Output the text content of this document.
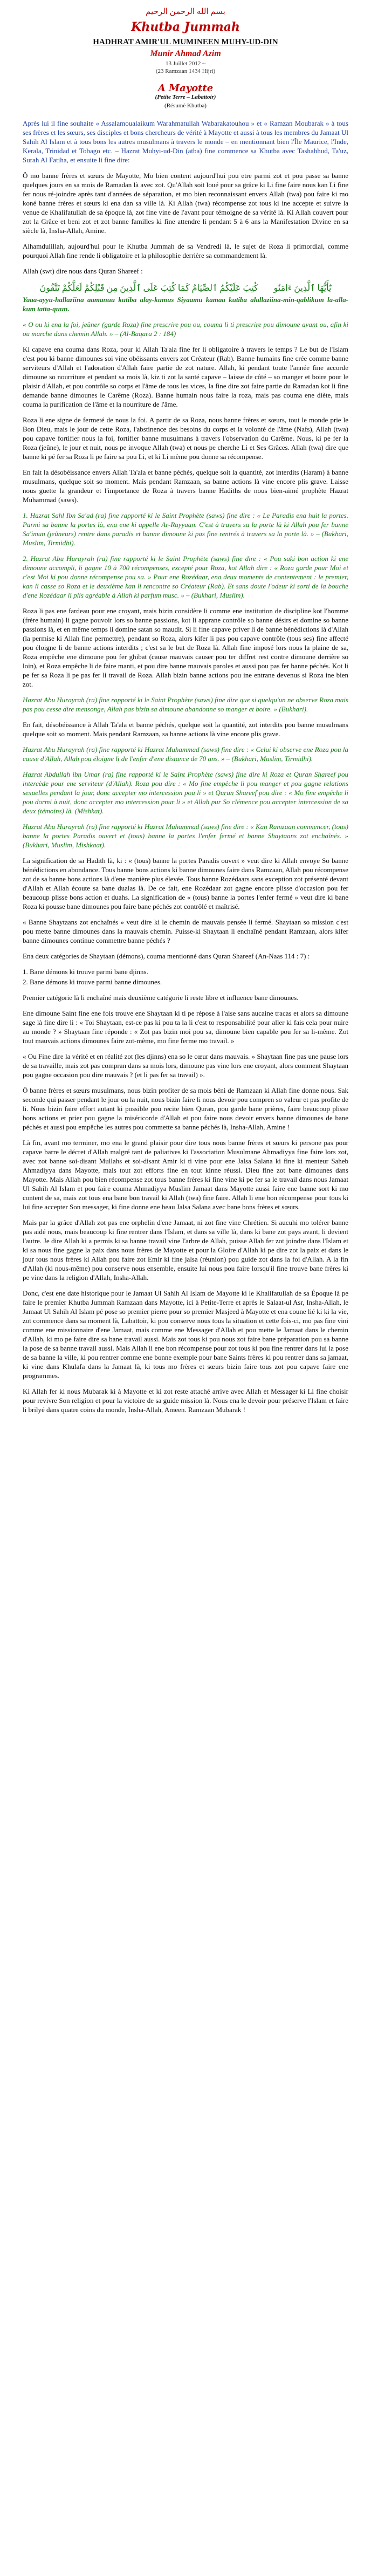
بسم الله الرحمن الرحيم
Khutba Jummah
HADHRAT AMIR'UL MUMINEEN MUHY-UD-DIN
Munir Ahmad Azim
13 Juillet 2012 ~
(23 Ramzaan 1434 Hijri)
A Mayotte
(Petite Terre – Labattoir)
(Résumé Khutba)

Après lui il fine souhaite « Assalamoualaikum Warahmatullah Wabarakatouhou » et « Ramzan Moubarak » à tous ses frères et les sœurs, ses disciples et bons chercheurs de vérité à Mayotte et aussi à tous les membres du Jamaat Ul Sahih Al Islam et à tous bons les autres musulmans à travers le monde – en mentionnant bien l'Île Maurice, l'Inde, Kerala, Trinidad et Tobago etc. – Hazrat Muhyi-ud-Din (atba) fine commence sa Khutba avec Tashahhud, Ta'uz, Surah Al Fatiha, et ensuite li fine dire:

Ô mo banne frères et sœurs de Mayotte, Mo bien content aujourd'hui pou etre parmi zot et pou passe sa banne quelques jours en sa mois de Ramadan là avec zot. Qu'Allah soit loué pour sa grâce ki Li fine faire nous kan Li fine fer nous ré-joindre après tant d'années de séparation, et mo bien reconnaissant envers Allah (twa) pou faire ki mo koné banne frères et sœurs ki ena dan sa ville là. Ki Allah (twa) récompense zot tous ki ine accepte et suivre la venue de Khalifatullah de sa époque là, zot fine vine de l'avant pour témoigne de sa vérité là. Ki Allah couvert pour zot la Grâce et beni zot et zot banne familles ki fine attendre li pendant 5 à 6 ans la Manifestation Divine en sa siècle là, Insha-Allah, Amine.

Alhamdulillah, aujourd'hui pour le Khutba Jummah de sa Vendredi là, le sujet de Roza li primordial, comme pourquoi Allah fine rende li obligatoire et la philosophie derrière sa commandement là.

Allah (swt) dire nous dans Quran Shareef :

يَٰٓأَيُّهَا ٱلَّذِينَ ءَامَنُوا۟ كُتِبَ عَلَيْكُمُ ٱلصِّيَامُ كَمَا كُتِبَ عَلَى ٱلَّذِينَ مِن قَبْلِكُمْ لَعَلَّكُمْ تَتَّقُونَ

Yaaa-ayyu-hallaziina aamanuu kutiba alay-kumus Siyaamu kamaa kutiba alallaziina-min-qablikum la-alla-kum tatta-quun.

« O ou ki ena la foi, jeûner (garde Roza) fine prescrire pou ou, couma li ti prescrire pou dimoune avant ou, afin ki ou marche dans chemin Allah. » – (Al-Baqara 2 : 184)

Ki capave ena couma dans Roza, pour ki Allah Ta'ala fine fer li obligatoire à travers le temps ? Le but de l'Islam c'est pou ki banne dimounes soi vine obéissants envers zot Créateur (Rab). Banne humains fine crée comme banne serviteurs d'Allah et l'adoration d'Allah faire partie de zot nature. Allah, ki pendant toute l'année fine accorde dimoune so nourriture et pendant sa mois là, kiz ti zot la santé capave – laisse de côté – so manger et boire pour le plaisir d'Allah, et pou contrôle so corps et l'âme de tous les vices, la fine dire zot faire partie du Ramadan kot li fine demande banne dimounes le Carême (Roza). Banne humain nous faire la roza, mais pas couma ene diète, mais couma la purification de l'âme et la nourriture de l'âme.

Roza li ene signe de fermeté de nous la foi. A partir de sa Roza, nous banne frères et sœurs, tout le monde prie le Bon Dieu, mais le jour de cette Roza, l'abstinence des besoins du corps et la volonté de l'âme (Nafs), Allah (twa) pou capave fortifier nous la foi, fortifier banne musulmans à travers l'observation du Carême. Nous, ki pe fer la Roza (jeûne), le jour et nuit, nous pe invoque Allah (twa) et nous pe cherche Li et Ses Grâces. Allah (twa) dire que banne ki pé fer sa Roza li pe faire sa pou Li, et ki Li même pou donne sa récompense.

En fait la désobéissance envers Allah Ta'ala et banne péchés, quelque soit la quantité, zot interdits (Haram) à banne musulmans, quelque soit so moment. Mais pendant Ramzaan, sa banne actions là vine encore plis grave. Laisse nous guette la grandeur et l'importance de Roza à travers banne Hadiths de nous bien-aimé prophète Hazrat Muhammad (saws).

1. Hazrat Sahl Ibn Sa'ad (ra) fine rapporté ki le Saint Prophète (saws) fine dire : « Le Paradis ena huit la portes. Parmi sa banne la portes là, ena ene ki appelle Ar-Rayyaan. C'est à travers sa la porte là ki Allah pou fer banne Sa'imun (jeûneurs) rentre dans paradis et banne dimoune ki pas fine rentrés à travers sa la porte là. » – (Bukhari, Muslim, Tirmidhi).

2. Hazrat Abu Hurayrah (ra) fine rapporté ki le Saint Prophète (saws) fine dire : « Pou saki bon action ki ene dimoune accompli, li gagne 10 à 700 récompenses, excepté pour Roza, kot Allah dire : « Roza garde pour Moi et c'est Moi ki pou donne récompense pou sa. » Pour ene Rozédaar, ena deux moments de contentement : le premier, kan li casse so Roza et le deuxième kan li rencontre so Créateur (Rab). Et sans doute l'odeur ki sorti de la bouche d'ene Rozédaar li plis agréable à Allah ki parfum musc. » – (Bukhari, Muslim).

Roza li pas ene fardeau pour ene croyant, mais bizin considère li comme ene institution de discipline kot l'homme (frère humain) li gagne pouvoir lors so banne passions, kot li apprane contrôle so banne désirs et domine so banne passions là, et en même temps li domine satan so maudit. Si li fine capave priver li de banne bénédictions là d'Allah (la permise ki Allah fine permettre), pendant so Roza, alors kifer li pas pou capave contrôle (tous ses) fine affecté pou éloigne li de banne actions interdits ; c'est sa le but de Roza là. Allah fine imposé lors nous la plaine de sa, Roza empêche ene dimoune pou fer ghibat (cause mauvais causer pou ter diffret rest contre dimoune derrière so loin), et Roza empêche li de faire manti, et pou dire banne mauvais paroles et aussi pou pas fer banne péchés. Kot li pe fer sa Roza li pe pas fer li travail de Roza. Allah bizin banne actions pou ine entrane devenus si Roza ine bien zot.

Hazrat Abu Hurayrah (ra) fine rapporté ki le Saint Prophète (saws) fine dire que si quelqu'un ne observe Roza mais pas pou cesse dire mensonge, Allah pas bizin sa dimoune abandonne so manger et boire. » (Bukhari).

En fait, désobéissance à Allah Ta'ala et banne péchés, quelque soit la quantité, zot interdits pou banne musulmans quelque soit so moment. Mais pendant Ramzaan, sa banne actions là vine encore plis grave.

Hazrat Abu Hurayrah (ra) fine rapporté ki Hazrat Muhammad (saws) fine dire : « Celui ki observe ene Roza pou la cause d'Allah, Allah pou éloigne li de l'enfer d'ene distance de 70 ans. » – (Bukhari, Muslim, Tirmidhi).

Hazrat Abdullah ibn Umar (ra) fine rapporté ki le Saint Prophète (saws) fine dire ki Roza et Quran Shareef pou intercède pour ene serviteur (d'Allah). Roza pou dire : « Mo fine empêche li pou manger et pou gagne relations sexuelles pendant la jour, donc accepter mo intercession pou li » et Quran Shareef pou dire : « Mo fine empêche li pou dormi à nuit, donc accepter mo intercession pour li » et Allah pur So clémence pou accepter intercession de sa deux (témoins) là. (Mishkat).

Hazrat Abu Hurayrah (ra) fine rapporté ki Hazrat Muhammad (saws) fine dire : « Kan Ramzaan commencer, (tous) banne la portes Paradis ouvert et (tous) banne la portes l'enfer fermé et banne Shaytaans zot enchaînés. » (Bukhari, Muslim, Mishkaat).

La signification de sa Hadith là, ki : « (tous) banne la portes Paradis ouvert » veut dire ki Allah envoye So banne bénédictions en abondance. Tous banne bons actions ki banne dimounes faire dans Ramzaan, Allah pou récompense zot de sa banne bons actions là d'ene manière plus élevée. Tous banne Rozédaars sans exception zot présenté devant d'Allah et Allah écoute sa bane dualas là. De ce fait, ene Rozédaar zot gagne encore plisse d'occasion pou fer beaucoup plisse bons action et duahs. La signification de « (tous) banne la portes l'enfer fermé » veut dire ki bane Roza ki pousse bane dimounes pou faire bane péchés zot contrôlé et maîtrisé.

« Banne Shaytaans zot enchaînés » veut dire ki le chemin de mauvais pensée li fermé. Shaytaan so mission c'est pou mette banne dimounes dans la mauvais chemin. Puisse-ki Shaytaan li enchaîné pendant Ramzaan, alors kifer banne dimounes continue commettre banne péchés ?

Ena deux catégories de Shaytaan (démons), couma mentionné dans Quran Shareef (An-Naas 114 : 7) :

1. Bane démons ki trouve parmi bane djinns.

2. Bane démons ki trouve parmi banne dimounes.

Premier catégorie là li enchaîné mais deuxième catégorie li reste libre et influence bane dimounes.

Ene dimoune Saint fine ene fois trouve ene Shaytaan ki ti pe répose à l'aise sans aucaine tracas et alors sa dimoune sage là fine dire li : « Toi Shaytaan, est-ce pas ki pou ta la li c'est to responsabilité pour aller ki fais cela pour nuire au monde ? » Shaytaan fine réponde : « Zot pas bizin moi pou sa, dimoune bien capable pou fer sa li-même. Zot tout mauvais actions dimounes faire zot-même, mo fine ferme mo travail. »

« Ou Fine dire la vérité et en réalité zot (les djinns) ena so le cœur dans mauvais. » Shaytaan fine pas une pause lors de sa travaille, mais zot pas compran dans sa mois lors, dimoune pas vine lors ene croyant, alors comment Shaytaan pou gagne occasion pou dire mauvais ? (et li pas fer sa travail) ».

Ô banne frères et sœurs musulmans, nous bizin profiter de sa mois béni de Ramzaan ki Allah fine donne nous. Sak seconde qui passer pendant le jour ou la nuit, nous bizin faire li nous devoir pou compren so valeur et pas profite de li. Nous bizin faire effort autant ki possible pou recite bien Quran, pou garde bane prières, faire beaucoup plisse bons actions et prier pou gagne la miséricorde d'Allah et pou faire nous devoir envers banne dimounes de bane péchés et aussi pou empêche les autres pou commette sa banne péchés là, Insha-Allah, Amine !

Là fin, avant mo terminer, mo ena le grand plaisir pour dire tous nous banne frères et sœurs ki persone pas pour capave barre le décret d'Allah malgré tant de paliatives ki l'association Musulmane Ahmadiyya fine faire lors zot, avec zot banne soi-disant Mullahs et soi-disant Amir ki ti vine pour ene Jalsa Salana ki fine ki menteur Saheb Ahmadiyya dans Mayotte, mais tout zot efforts fine en tout kinne réussi. Dieu fine zot bane dimounes dans Mayotte. Mais Allah pou bien récompense zot tous banne frères ki fine vine ki pe fer sa le travail dans nous Jamaat Ul Sahih Al Islam et pou faire couma Ahmadiyya Muslim Jamaat dans Mayotte aussi faire ene banne sort ki mo content de sa, mais zot tous ena bane bon travail ki Allah (twa) fine faire. Allah li ene bon récompense pour tous ki lui fine accepter Son messager, ki fine donne ene beau Jalsa Salana avec bane bons frères et sœurs.

Mais par la grâce d'Allah zot pas ene orphelin d'ene Jamaat, ni zot fine vine Chrétien. Si aucuhi mo tolérer banne pas aidé nous, mais beaucoup ki fine rentrer dans l'Islam, et dans sa ville là, dans ki bane zot pays avant, li devient l'autre. Je dire Allah ki a permis ki sa banne travail vine l'arbre de Allah, puisse Allah fer zot joindre dans l'Islam et ki sa nous fine gagne la paix dans nous frères de Mayotte et pour la Gloire d'Allah ki pe dire zot la paix et dans le jour tous nous frères ki Allah pou faire zot Emir ki fine jalsa (réunion) pou guide zot dans la foi d'Allah. A la fin d'Allah (ki nous-même) pou conserve nous ensemble, ensuite lui nous pou faire lorsqu'il fine trouve bane frères ki pe vine dans la religion d'Allah, Insha-Allah.

Donc, c'est ene date historique pour le Jamaat Ul Sahih Al Islam de Mayotte ki le Khalifatullah de sa Époque là pe faire le premier Khutba Jummah Ramzaan dans Mayotte, ici à Petite-Terre et après le Salaat-ul Asr, Insha-Allah, le Jamaat Ul Sahih Al Islam pé pose so premier pierre pour so premier Masjeed à Mayotte et ena coune lié ki ki la vie, zot commence dans sa moment là, Labattoir, ki pou conserve nous tous la situation et cette fois-ci, mo pas fine vini comme ene missionnaire d'ene Jamaat, mais comme ene Messager d'Allah et pou mette le Jamaat dans le chemin d'Allah, ki mo pe faire dire sa bane travail aussi. Mais zot tous ki pou nous zot faire bane préparation pou sa banne la pose de sa banne travail aussi. Mais Allah li ene bon récompense pour zot tous ki pou fine rentrer dans lui la pose de sa banne la ville, ki pou rentrer comme ene bonne exemple pour bane Saints frères ki pou rentrer dans sa jamaat, ki vine dans Khulafa dans la Jamaat là, ki tous mo frères et sœurs bizin faire tous zot pou capave faire ene programmes.

Ki Allah fer ki nous Mubarak ki à Mayotte et ki zot reste attaché arrive avec Allah et Messager ki Li fine choisir pour revivre Son religion et pour la victoire de sa guide mission là. Nous ena le devoir pour préserve l'Islam et faire li brilyé dans quatre coins du monde, Insha-Allah, Ameen. Ramzaan Mubarak !
